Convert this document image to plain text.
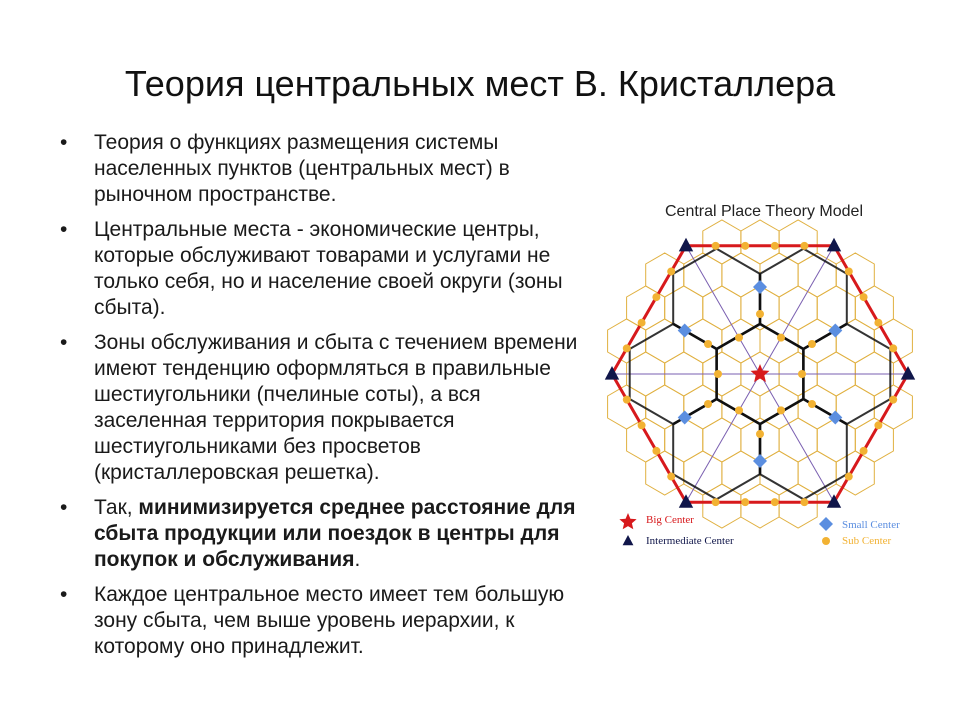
Теория центральных мест В. Кристаллера
• Теория о функциях размещения системы населенных пунктов (центральных мест) в рыночном пространстве.
• Центральные места - экономические центры, которые обслуживают товарами и услугами не только себя, но и население своей округи (зоны сбыта).
• Зоны обслуживания и сбыта с течением времени имеют тенденцию оформляться в правильные шестиугольники (пчелиные соты), а вся заселенная территория покрывается шестиугольниками без просветов (кристаллеровская решетка).
• Так, минимизируется среднее расстояние для сбыта продукции или поездок в центры для покупок и обслуживания.
• Каждое центральное место имеет тем большую зону сбыта, чем выше уровень иерархии, к которому оно принадлежит.
Central Place Theory Model
Big Center
Intermediate Center
Small Center
Sub Center
